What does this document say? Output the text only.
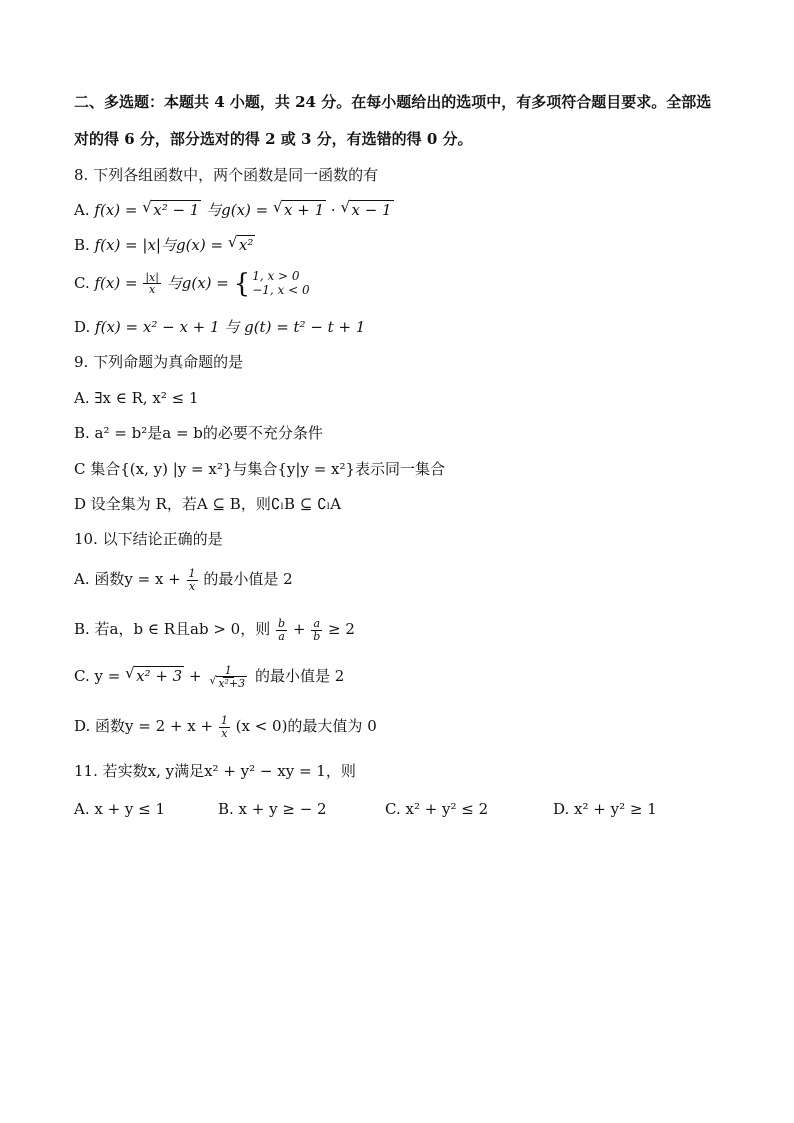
二、多选题：本题共 4 小题，共 24 分。在每小题给出的选项中，有多项符合题目要求。全部选
对的得 6 分，部分选对的得 2 或 3 分，有选错的得 0 分。
8. 下列各组函数中，两个函数是同一函数的有
A. f(x) = √ x² − 1 与g(x) = √ x + 1 · √ x − 1
B. f(x) = |x|与g(x) = √ x²
C. $f(x) = \frac{|x|}{x}$ 与g(x) = { 1, x > 0
−1, x < 0
D. f(x) = x² − x + 1 与 g(t) = t² − t + 1
9. 下列命题为真命题的是
A. ∃x ∈ R, x² ≤ 1
B. a² = b²是a = b的必要不充分条件
C 集合{(x, y) |y = x²}与集合{y|y = x²}表示同一集合
D 设全集为 R，若A ⊆ B，则∁ₗB ⊆ ∁ₗA
10. 以下结论正确的是
A. 函数$y = x + \frac{1}{x}$ 的最小值是 2
B. 若a，b ∈ R且ab > 0，则 $\frac{b}{a} + \frac{a}{b} \ge 2$
C. y = √ $x^2 + 3 + \frac{1}{\text{√ x²+3}}$ 的最小值是 2
D. 函数$y = 2 + x + \frac{1}{x} (x < 0)$的最大值为 0
11. 若实数x, y满足x² + y² − xy = 1，则
A. x + y ≤ 1	B. x + y ≥ − 2	C. x² + y² ≤ 2	D. x² + y² ≥ 1
